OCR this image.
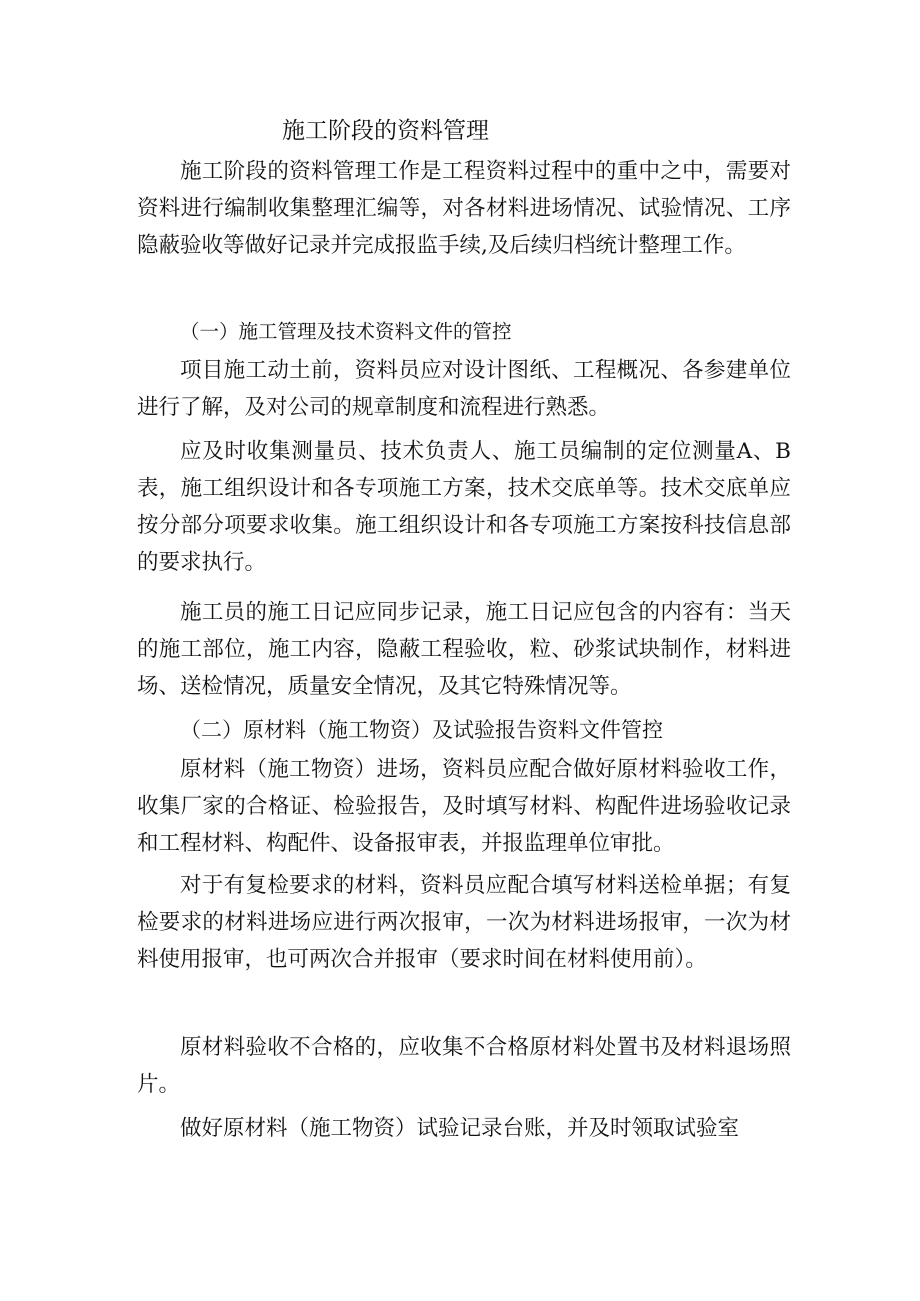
施工阶段的资料管理

施工阶段的资料管理工作是工程资料过程中的重中之中，需要对资料进行编制收集整理汇编等，对各材料进场情况、试验情况、工序隐蔽验收等做好记录并完成报监手续,及后续归档统计整理工作。

（一）施工管理及技术资料文件的管控

项目施工动土前，资料员应对设计图纸、工程概况、各参建单位进行了解，及对公司的规章制度和流程进行熟悉。

应及时收集测量员、技术负责人、施工员编制的定位测量A、B表，施工组织设计和各专项施工方案，技术交底单等。技术交底单应按分部分项要求收集。施工组织设计和各专项施工方案按科技信息部的要求执行。

施工员的施工日记应同步记录，施工日记应包含的内容有：当天的施工部位，施工内容，隐蔽工程验收，粒、砂浆试块制作，材料进场、送检情况，质量安全情况，及其它特殊情况等。

（二）原材料（施工物资）及试验报告资料文件管控

原材料（施工物资）进场，资料员应配合做好原材料验收工作，收集厂家的合格证、检验报告，及时填写材料、构配件进场验收记录和工程材料、构配件、设备报审表，并报监理单位审批。

对于有复检要求的材料，资料员应配合填写材料送检单据；有复检要求的材料进场应进行两次报审，一次为材料进场报审，一次为材料使用报审，也可两次合并报审（要求时间在材料使用前）。

原材料验收不合格的，应收集不合格原材料处置书及材料退场照片。

做好原材料（施工物资）试验记录台账，并及时领取试验室
